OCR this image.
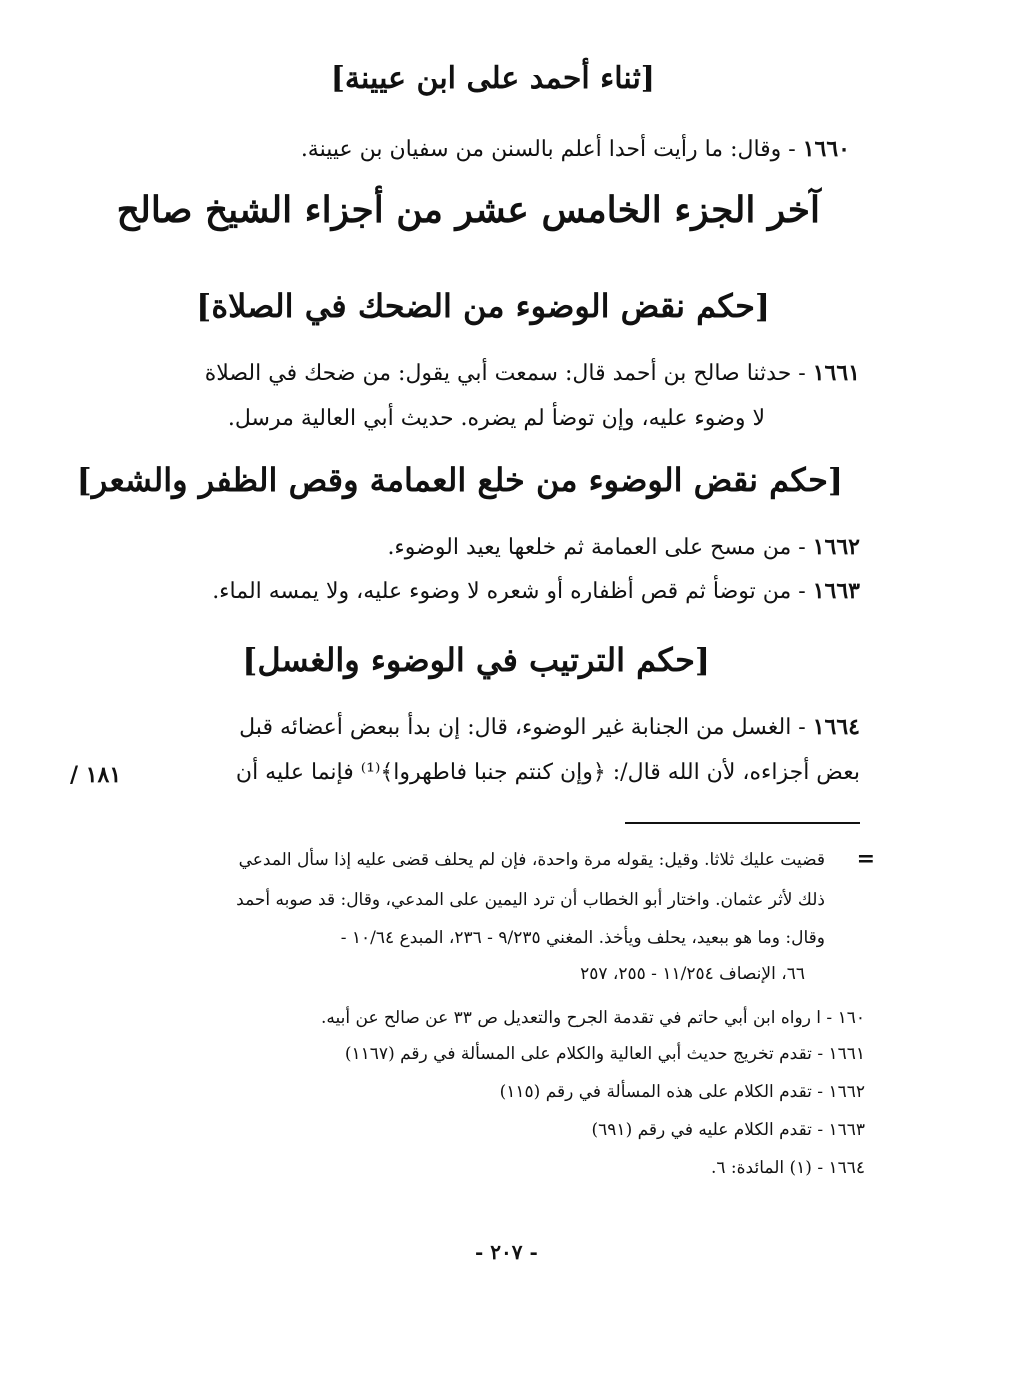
[ثناء أحمد على ابن عيينة]
١٦٦٠ - وقال: ما رأيت أحدا أعلم بالسنن من سفيان بن عيينة.
آخر الجزء الخامس عشر من أجزاء الشيخ صالح
[حكم نقض الوضوء من الضحك في الصلاة]
١٦٦١ - حدثنا صالح بن أحمد قال: سمعت أبي يقول: من ضحك في الصلاة
لا وضوء عليه، وإن توضأ لم يضره. حديث أبي العالية مرسل.
[حكم نقض الوضوء من خلع العمامة وقص الظفر والشعر]
١٦٦٢ - من مسح على العمامة ثم خلعها يعيد الوضوء.
١٦٦٣ - من توضأ ثم قص أظفاره أو شعره لا وضوء عليه، ولا يمسه الماء.
[حكم الترتيب في الوضوء والغسل]
١٦٦٤ - الغسل من الجنابة غير الوضوء، قال: إن بدأ ببعض أعضائه قبل
بعض أجزاءه، لأن الله قال/: ﴿وإن كنتم جنبا فاطهروا﴾⁽¹⁾ فإنما عليه أن
/ ١٨١
=
قضيت عليك ثلاثا. وقيل: يقوله مرة واحدة، فإن لم يحلف قضى عليه إذا سأل المدعي
ذلك لأثر عثمان. واختار أبو الخطاب أن ترد اليمين على المدعي، وقال: قد صوبه أحمد
وقال: وما هو ببعيد، يحلف ويأخذ. المغني ٩/٢٣٥ - ٢٣٦، المبدع ١٠/٦٤ -
٦٦، الإنصاف ١١/٢٥٤ - ٢٥٥، ٢٥٧
١٦٠ - ا رواه ابن أبي حاتم في تقدمة الجرح والتعديل ص ٣٣ عن صالح عن أبيه.
١٦٦١ - تقدم تخريج حديث أبي العالية والكلام على المسألة في رقم (١١٦٧)
١٦٦٢ - تقدم الكلام على هذه المسألة في رقم (١١٥)
١٦٦٣ - تقدم الكلام عليه في رقم (٦٩١)
١٦٦٤ - (١) المائدة: ٦.
- ٢٠٧ -
